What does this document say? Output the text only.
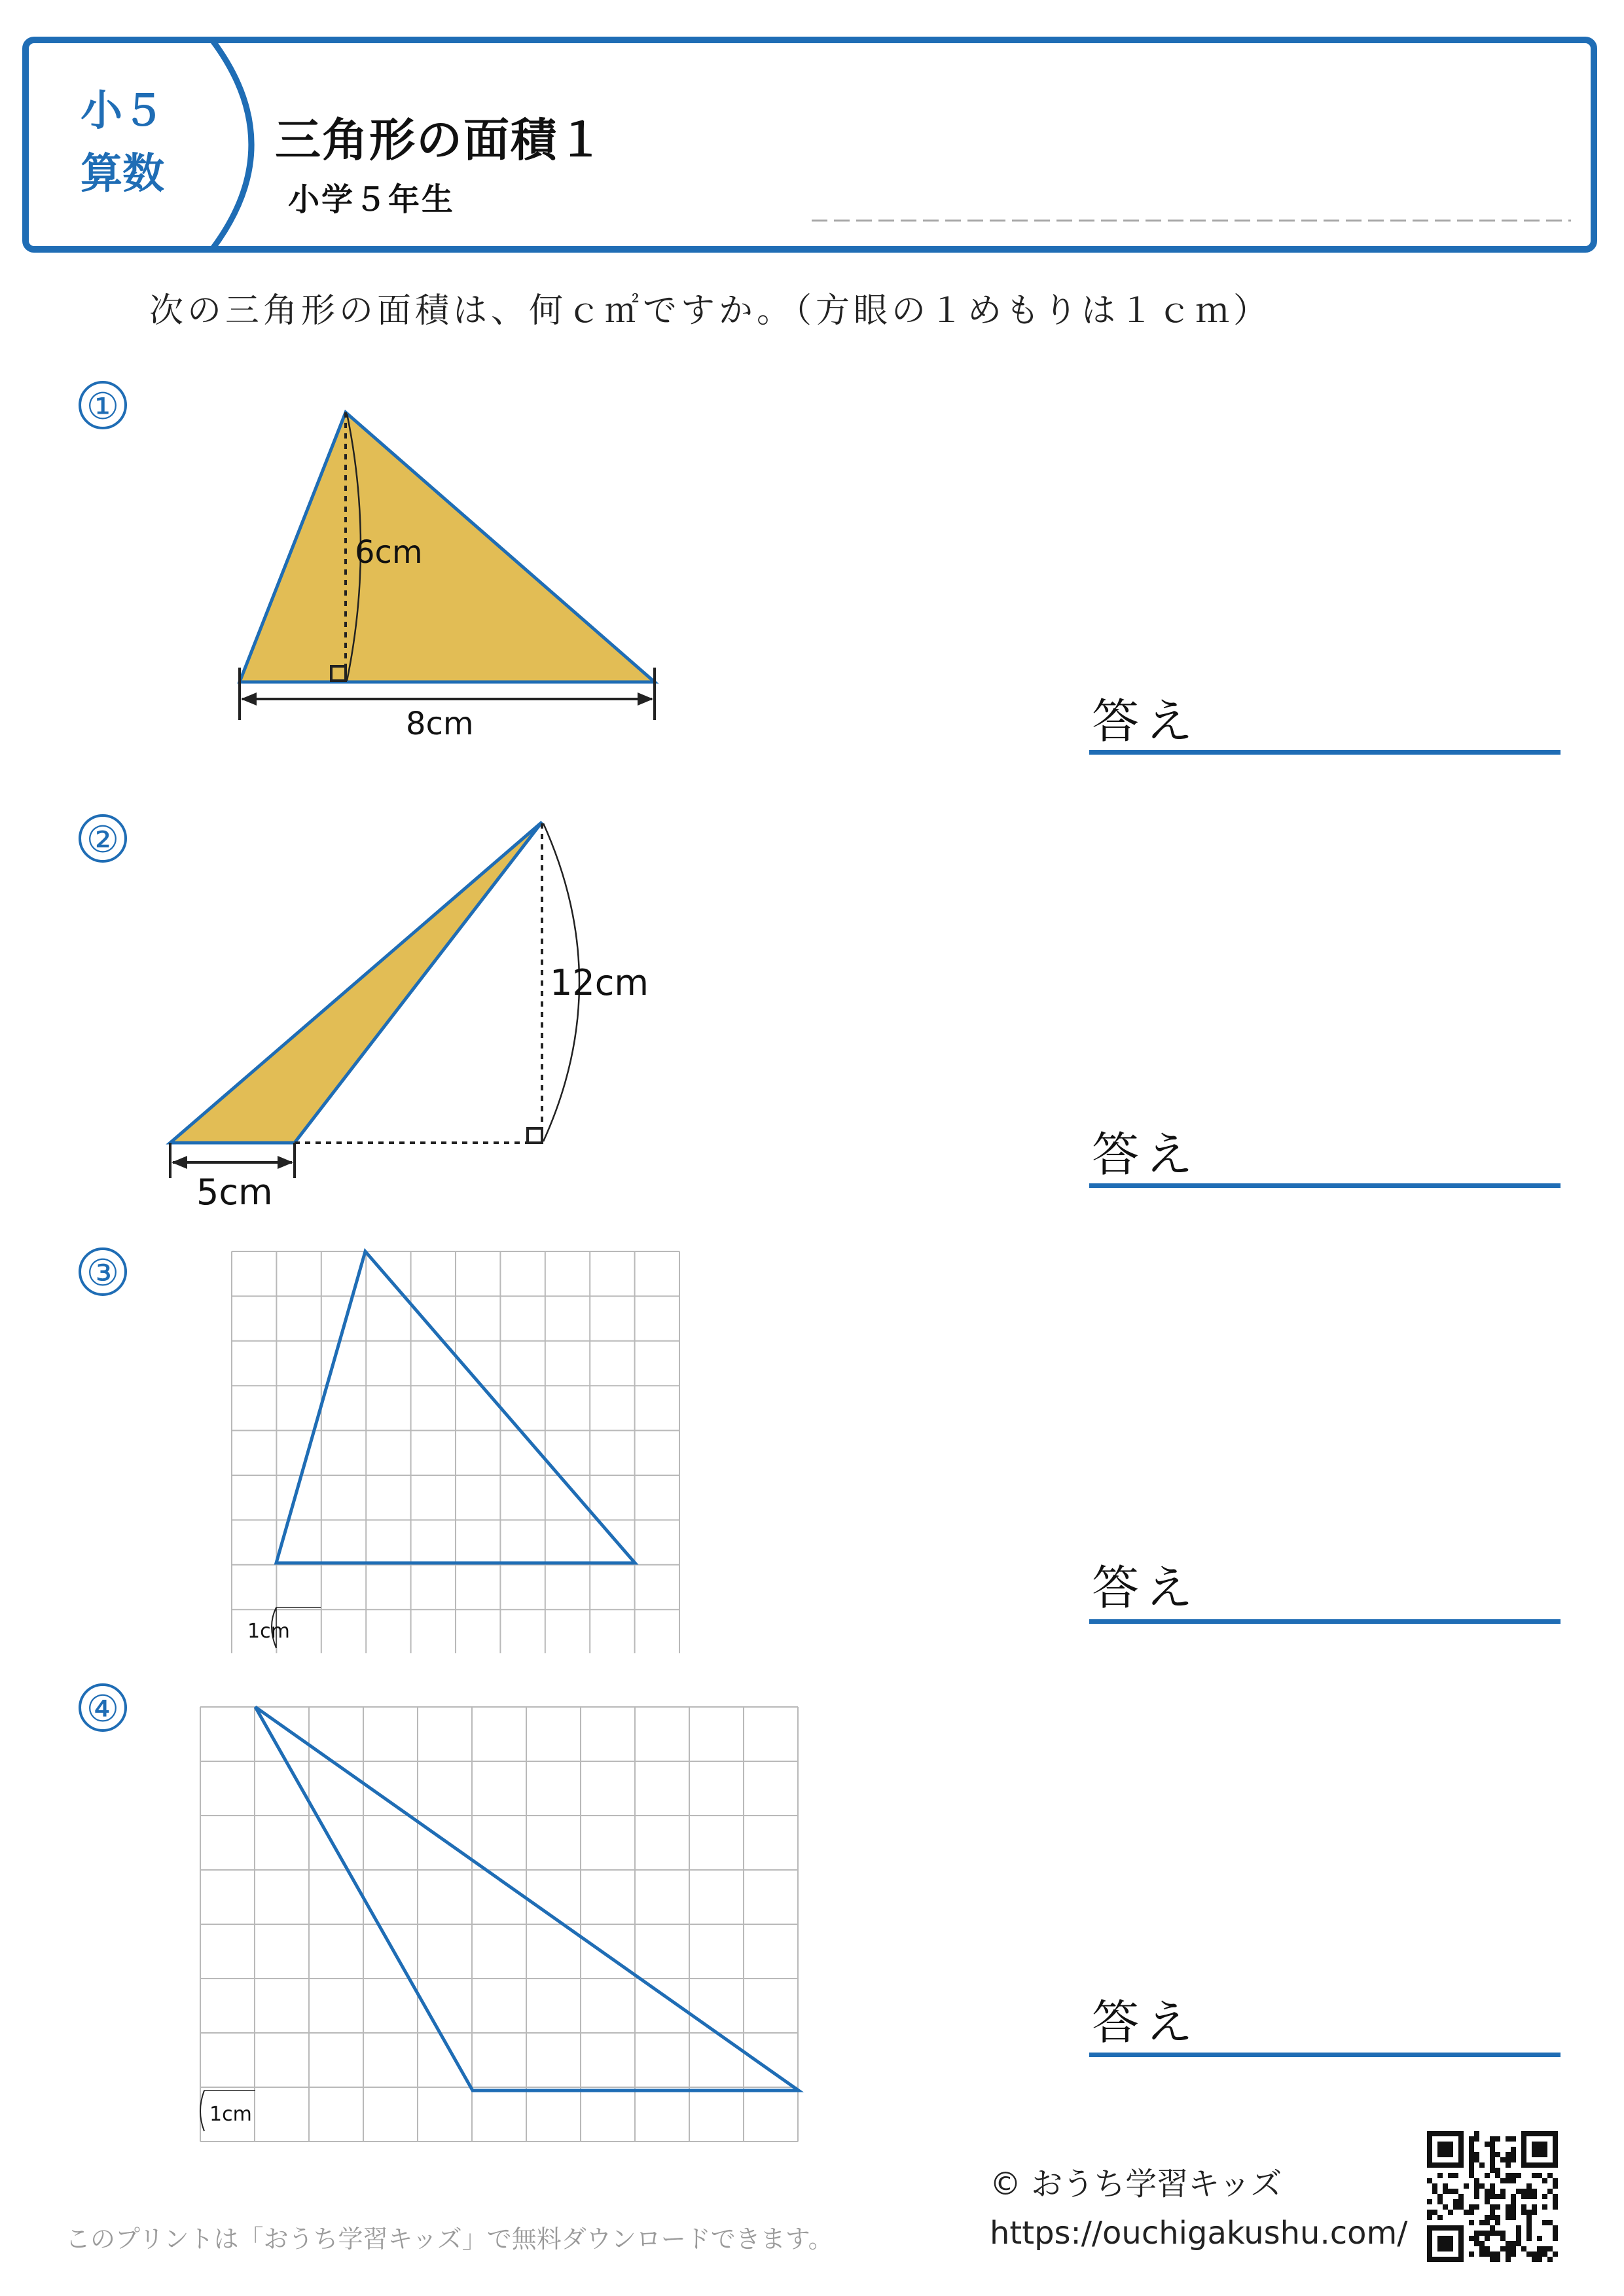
小５
算数
三角形の面積１
小学５年生
次の三角形の面積は、何ｃ㎡ですか。（方眼の１めもりは１ｃｍ）
①
6cm
8cm	答え
②
12cm
5cm
答え
③
1cm
答え
④
1cm
答え
このプリントは「おうち学習キッズ」で無料ダウンロードできます。
© おうち学習キッズ
https://ouchigakushu.com/
